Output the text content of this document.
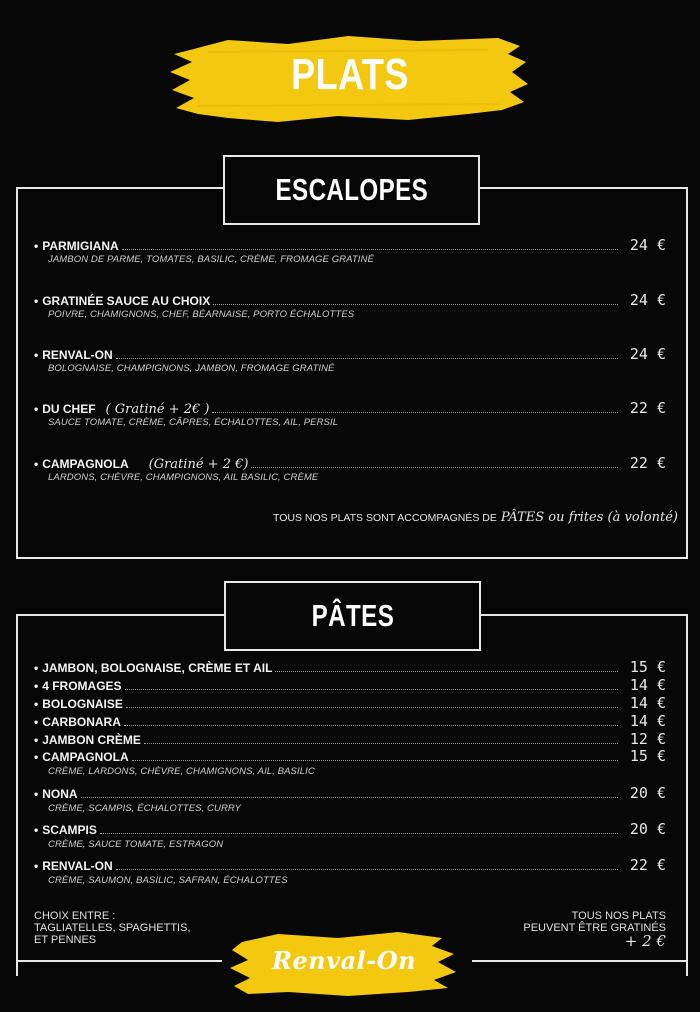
PLATS
ESCALOPES
• PARMIGIANA	24 €
JAMBON DE PARME, TOMATES, BASILIC, CRÈME, FROMAGE GRATINÉ
• GRATINÉE SAUCE AU CHOIX	24 €
POIVRE, CHAMIGNONS, CHEF, BÉARNAISE, PORTO ÉCHALOTTES
• RENVAL-ON	24 €
BOLOGNAISE, CHAMPIGNONS, JAMBON, FROMAGE GRATINÉ
• DU CHEF ( Gratiné + 2€ )	22 €
SAUCE TOMATE, CRÈME, CÂPRES, ÉCHALOTTES, AIL, PERSIL
• CAMPAGNOLA (Gratiné + 2 €)	22 €
LARDONS, CHÈVRE, CHAMPIGNONS, AIL BASILIC, CRÈME
TOUS NOS PLATS SONT ACCOMPAGNÉS DE PÂTES ou frites (à volonté)
PÂTES
• JAMBON, BOLOGNAISE, CRÈME ET AIL	15 €
• 4 FROMAGES	14 €
• BOLOGNAISE	14 €
• CARBONARA	14 €
• JAMBON CRÈME	12 €
• CAMPAGNOLA	15 €
CRÈME, LARDONS, CHÈVRE, CHAMIGNONS, AIL, BASILIC
• NONA	20 €
CRÈME, SCAMPIS, ÉCHALOTTES, CURRY
• SCAMPIS	20 €
CRÈME, SAUCE TOMATE, ESTRAGON
• RENVAL-ON	22 €
CRÈME, SAUMON, BASILIC, SAFRAN, ÉCHALOTTES
CHOIX ENTRE :
TAGLIATELLES, SPAGHETTIS,
ET PENNES
TOUS NOS PLATS
PEUVENT ÊTRE GRATINÉS
+ 2 €
Renval-On
